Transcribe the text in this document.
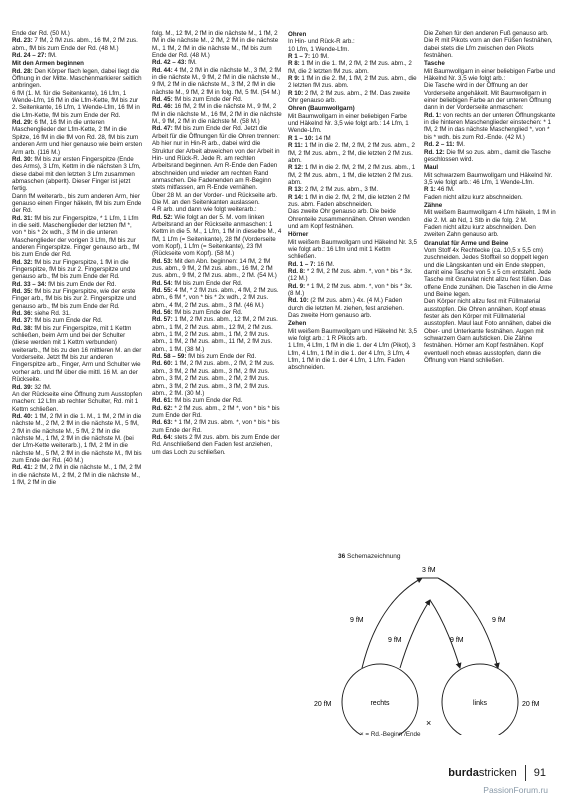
Ende der Rd. (50 M.)

Rd. 23: 7 fM, 2 fM zus. abm., 16 fM, 2 fM zus. abm., fM bis zum Ende der Rd. (48 M.)

Rd. 24 – 27: fM.

Mit den Armen beginnen

Rd. 28: Den Körper flach legen, dabei liegt die Öffnung in der Mitte. Maschenmarkierer seitlich anbringen.

6 fM (1. M. für die Seitenkante), 16 Lfm, 1 Wende-Lfm, 16 fM in die Lfm-Kette, fM bis zur 2. Seitenkante, 16 Lfm, 1 Wende-Lfm, 16 fM in die Lfm-Kette, fM bis zum Ende der Rd.

Rd. 29: 6 fM, 16 fM in die unteren Maschenglieder der Lfm-Kette, 2 fM in die Spitze, 16 fM in die fM von Rd. 28, fM bis zum anderen Arm und hier genauso wie beim ersten Arm arb. (116 M.)

Rd. 30: fM bis zur ersten Fingerspitze (Ende des Arms), 3 Lfm, Kettm in die nächsten 3 Lfm, diese dabei mit den letzten 3 Lfm zusammen abmaschen (abperlt). Dieser Finger ist jetzt fertig.

Dann fM weiterarb., bis zum anderen Arm, hier genauso einen Finger häkeln, fM bis zum Ende der Rd.

Rd. 31: fM bis zur Fingerspitze, * 1 Lfm, 1 Lfm in die seitl. Maschenglieder der letzten fM *, von * bis * 2x wdh., 3 fM in die unteren Maschenglieder der vorigen 3 Lfm, fM bis zur anderen Fingerspitze. Finger genauso arb., fM bis zum Ende der Rd.

Rd. 32: fM bis zur Fingerspitze, 1 fM in die Fingerspitze, fM bis zur 2. Fingerspitze und genauso arb., fM bis zum Ende der Rd.

Rd. 33 – 34: fM bis zum Ende der Rd.

Rd. 35: fM bis zur Fingerspitze, wie der erste Finger arb., fM bis bis zur 2. Fingerspitze und genauso arb., fM bis zum Ende der Rd.

Rd. 36: siehe Rd. 31.

Rd. 37: fM bis zum Ende der Rd.

Rd. 38: fM bis zur Fingerspitze, mit 1 Kettm schließen, beim Arm und bei der Schulter (diese werden mit 1 Kettm verbunden) weiterarb., fM bis zu den 16 mittleren M. an der Vorderseite. Jetzt fM bis zur anderen Fingerspitze arb., Finger, Arm und Schulter wie vorher arb. und fM über die mittl. 16 M. an der Rückseite.

Rd. 39: 32 fM.

An der Rückseite eine Öffnung zum Ausstopfen machen: 12 Lfm ab rechter Schulter, Rd. mit 1 Kettm schließen.

Rd. 40: 1 fM, 2 fM in die 1. M., 1 fM, 2 fM in die nächste M., 2 fM, 2 fM in die nächste M., 5 fM, 2 fM in die nächste M., 5 fM, 2 fM in die nächste M., 1 fM, 2 fM in die nächste M. (bei der Lfm-Kette weiterarb.), 1 fM, 2 fM in die nächste M., 5 fM, 2 fM in die nächste M., fM bis zum Ende der Rd. (40 M.)

Rd. 41: 2 fM, 2 fM in die nächste M., 1 fM, 2 fM in die nächste M., 2 fM, 2 fM in die nächste M., 1 fM, 2 fM in die

folg. M., 12 fM, 2 fM in die nächste M., 1 fM, 2 fM in die nächste M., 2 fM, 2 fM in die nächste M., 1 fM, 2 fM in die nächste M., fM bis zum Ende der Rd. (48 M.)

Rd. 42 – 43: fM.

Rd. 44: 4 fM, 2 fM in die nächste M., 3 fM, 2 fM in die nächste M., 9 fM, 2 fM in die nächste M., 9 fM, 2 fM in die nächste M., 3 fM, 2 fM in die nächste M., 9 fM, 2 fM in folg. fM, 5 fM. (54 M.)

Rd. 45: fM bis zum Ende der Rd.

Rd. 46: 16 fM, 2 fM in die nächste M., 9 fM, 2 fM in die nächste M., 16 fM, 2 fM in die nächste M., 9 fM, 2 fM in die nächste M. (58 M.)

Rd. 47: fM bis zum Ende der Rd. Jetzt die Arbeit für die Öffnungen für die Ohren trennen: Ab hier nur in Hin-R arb., dabei wird die Struktur der Arbeit abweichen von der Arbeit in Hin- und Rück-R. Jede R. am rechten Arbeitsrand beginnen. Am R-Ende den Faden abschneiden und wieder am rechten Rand anmaschen. Die Fadenenden am R-Beginn stets mitfassen, am R-Ende vernähen.

Über 28 M. an der Vorder- und Rückseite arb. Die M. an den Seitenkanten auslassen.

4 R arb. und dann wie folgt weiterarb.:

Rd. 52: Wie folgt an der 5. M. vom linken Arbeitsrand an der Rückseite anmaschen: 1 Kettm in die 5. M., 1 Lfm, 1 fM in dieselbe M., 4 fM, 1 Lfm (= Seitenkante), 28 fM (Vorderseite vom Kopf), 1 Lfm (= Seitenkante), 23 fM (Rückseite vom Kopf). (58 M.)

Rd. 53: Mit den Abn. beginnen: 14 fM, 2 fM zus. abm., 9 fM, 2 fM zus. abm., 16 fM, 2 fM zus. abm., 9 fM, 2 fM zus. abm., 2 fM. (54 M.)

Rd. 54: fM bis zum Ende der Rd.

Rd. 55: 4 fM, * 2 fM zus. abm., 4 fM, 2 fM zus. abm., 6 fM *, von * bis * 2x wdh., 2 fM zus. abm., 4 fM, 2 fM zus. abm., 3 fM. (46 M.)

Rd. 56: fM bis zum Ende der Rd.

Rd. 57: 1 fM, 2 fM zus. abm., 12 fM, 2 fM zus. abm., 1 fM, 2 fM zus. abm., 12 fM, 2 fM zus. abm., 1 fM, 2 fM zus. abm., 1 fM, 2 fM zus. abm., 1 fM, 2 fM zus. abm., 11 fM, 2 fM zus. abm., 1 fM. (38 M.)

Rd. 58 – 59: fM bis zum Ende der Rd.

Rd. 60: 1 fM, 2 fM zus. abm., 2 fM, 2 fM zus. abm., 3 fM, 2 fM zus. abm., 3 fM, 2 fM zus. abm., 3 fM, 2 fM zus. abm., 2 fM, 2 fM zus. abm., 3 fM, 2 fM zus. abm., 3 fM, 2 fM zus. abm., 2 fM. (30 M.)

Rd. 61: fM bis zum Ende der Rd.

Rd. 62: * 2 fM zus. abm., 2 fM *, von * bis * bis zum Ende der Rd.

Rd. 63: * 1 fM, 2 fM zus. abm. *, von * bis * bis zum Ende der Rd.

Rd. 64: stets 2 fM zus. abm. bis zum Ende der Rd. Anschließend den Faden fest anziehen, um das Loch zu schließen.

Ohren

In Hin- und Rück-R arb.:

10 Lfm, 1 Wende-Lfm.

R 1 – 7: 10 fM.

R 8: 1 fM in die 1. fM, 2 fM, 2 fM zus. abm., 2 fM, die 2 letzten fM zus. abm.

R 9: 1 fM in die 2. fM, 1 fM, 2 fM zus. abm., die 2 letzten fM zus. abm.

R 10: 2 fM, 2 fM zus. abm., 2 fM. Das zweite Ohr genauso arb.

Ohren (Baumwollgarn)

Mit Baumwollgarn in einer beliebigen Farbe und Häkelnd Nr. 3,5 wie folgt arb.: 14 Lfm, 1 Wende-Lfm.

R 1 – 10: 14 fM

R 11: 1 fM in die 2. fM, 2 fM, 2 fM zus. abm., 2 fM, 2 fM zus. abm., 2 fM, die letzten 2 fM zus. abm.

R 12: 1 fM in die 2. fM, 2 fM, 2 fM zus. abm., 1 fM, 2 fM zus. abm., 1 fM, die letzten 2 fM zus. abm.

R 13: 2 fM, 2 fM zus. abm., 3 fM.

R 14: 1 fM in die 2. fM, 2 fM, die letzten 2 fM zus. abm. Faden abschneiden.

Das zweite Ohr genauso arb. Die beide Ohrenteile zusammennähen. Ohren wenden und am Kopf festnähen.

Hörner

Mit weißem Baumwollgarn und Häkelnd Nr. 3,5 wie folgt arb.: 16 Lfm und mit 1 Kettm schließen.

Rd. 1 – 7: 16 fM.

Rd. 8: * 2 fM, 2 fM zus. abm. *, von * bis * 3x. (12 M.)

Rd. 9: * 1 fM, 2 fM zus. abm. *, von * bis * 3x. (8 M.)

Rd. 10: (2 fM zus. abm.) 4x. (4 M.) Faden durch die letzten M. ziehen, fest anziehen.

Das zweite Horn genauso arb.

Zehen

Mit weißem Baumwollgarn und Häkelnd Nr. 3,5 wie folgt arb.: 1 R Pikots arb.

1 Lfm, 4 Lfm, 1 fM in die 1. der 4 Lfm (Pikot), 3 Lfm, 4 Lfm, 1 fM in die 1. der 4 Lfm, 3 Lfm, 4 Lfm, 1 fM in die 1. der 4 Lfm, 1 Lfm. Faden abschneiden.

Die Zehen für den anderen Fuß genauso arb. Die R mit Pikots vorn an den Füßen festnähen, dabei stets die Lfm zwischen den Pikots festnähen.

Tasche

Mit Baumwollgarn in einer beliebigen Farbe und Häkelnd Nr. 3,5 wie folgt arb.:

Die Tasche wird in der Öffnung an der Vorderseite angehäkelt. Mit Baumwollgarn in einer beliebigen Farbe an der unteren Öffnung dann in der Vorderseite anmaschen:

Rd. 1: von rechts an der unteren Öffnungskante in die hinteren Maschenglieder einstechen: * 1 fM, 2 fM in das nächste Maschenglied *, von * bis * wdh. bis zum Rd.-Ende. (42 M.)

Rd. 2 – 11: fM.

Rd. 12: Die fM so zus. abm., damit die Tasche geschlossen wird.

Maul

Mit schwarzem Baumwollgarn und Häkelnd Nr. 3,5 wie folgt arb.: 46 Lfm, 1 Wende-Lfm.

R 1: 46 fM.

Faden nicht allzu kurz abschneiden.

Zähne

Mit weißem Baumwollgarn 4 Lfm häkeln, 1 fM in die 2. M. ab Nd, 1 Stb in die folg. 2 M.

Faden nicht allzu kurz abschneiden. Den zweiten Zahn genauso arb.

Granulat für Arme und Beine

Vom Stoff 4x Rechtecke (ca. 10,5 x 5,5 cm) zuschneiden. Jedes Stoffteil so doppelt legen und die Längskanten und ein Ende steppen, damit eine Tasche von 5 x 5 cm entsteht. Jede Tasche mit Granulat nicht allzu fest füllen. Das offene Ende zunähen. Die Taschen in die Arme und Beine legen.

Den Körper nicht allzu fest mit Füllmaterial ausstopfen. Die Ohren annähen. Kopf etwas fester als den Körper mit Füllmaterial ausstopfen. Maul laut Foto annähen, dabei die Ober- und Unterkante festnähen. Augen mit schwarzem Garn aufsticken. Die Zähne festnähen. Hörner am Kopf festnähen. Kopf eventuell noch etwas ausstopfen, dann die Öffnung von Hand schließen.

36 Schemazeichnung
×
rechts	links
3 fM
9 fM	9 fM
9 fM	9 fM
20 fM	20 fM
× = Rd.-Beginn /Ende
burdastricken 91
PassionForum.ru
